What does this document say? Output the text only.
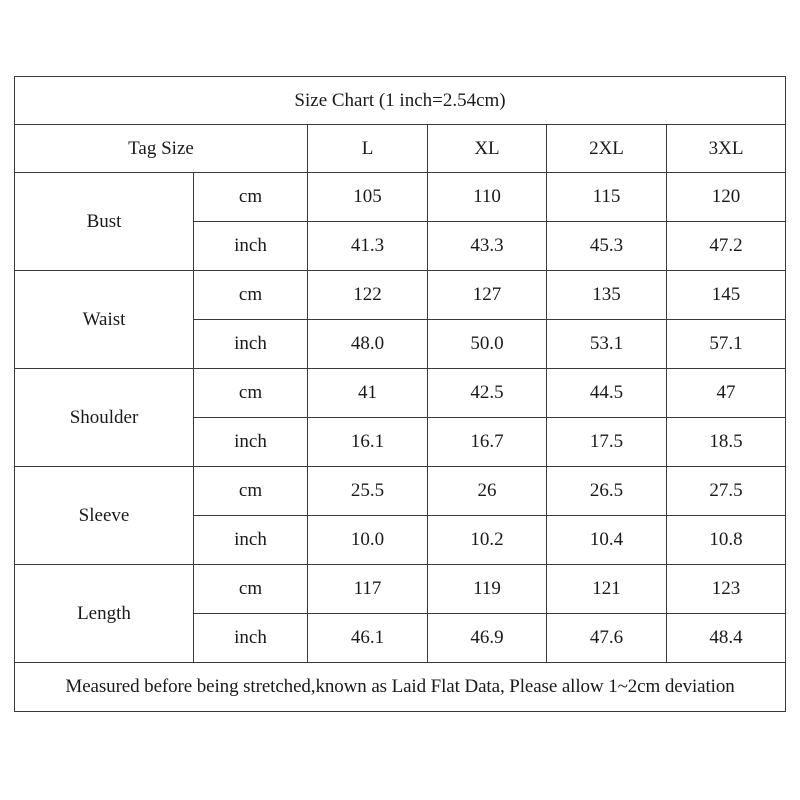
Size Chart (1 inch=2.54cm)					
Tag Size		L	XL	2XL	3XL
Bust	cm	105	110	115	120
	inch	41.3	43.3	45.3	47.2
Waist	cm	122	127	135	145
	inch	48.0	50.0	53.1	57.1
Shoulder	cm	41	42.5	44.5	47
	inch	16.1	16.7	17.5	18.5
Sleeve	cm	25.5	26	26.5	27.5
	inch	10.0	10.2	10.4	10.8
Length	cm	117	119	121	123
	inch	46.1	46.9	47.6	48.4
Measured before being stretched,known as Laid Flat Data, Please allow 1~2cm deviation					
